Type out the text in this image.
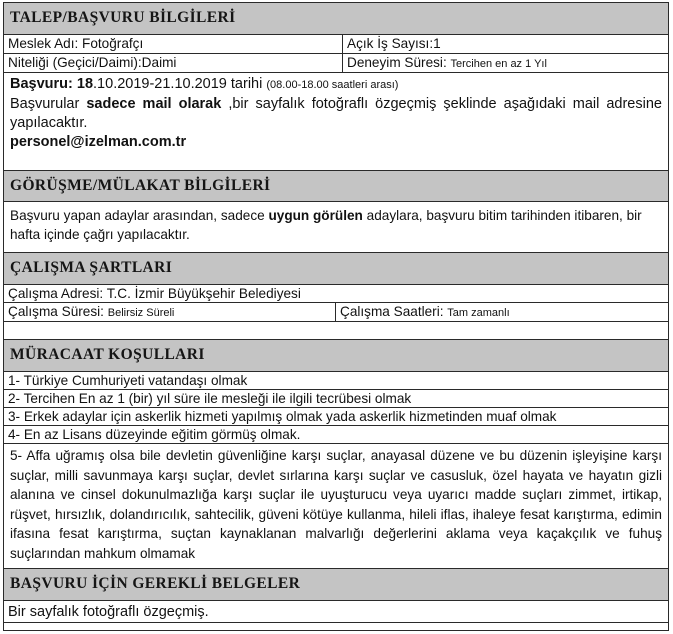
TALEP/BAŞVURU BİLGİLERİ
Meslek Adı: Fotoğrafçı	Açık İş Sayısı:1
Niteliği (Geçici/Daimi):Daimi	Deneyim Süresi: Tercihen en az 1 Yıl
Başvuru: 18.10.2019-21.10.2019 tarihi (08.00-18.00 saatleri arası)
Başvurular sadece mail olarak ,bir sayfalık fotoğraflı özgeçmiş şeklinde aşağıdaki mail adresine yapılacaktır.
personel@izelman.com.tr
GÖRÜŞME/MÜLAKAT BİLGİLERİ
Başvuru yapan adaylar arasından, sadece uygun görülen adaylara, başvuru bitim tarihinden itibaren, bir hafta içinde çağrı yapılacaktır.
ÇALIŞMA ŞARTLARI
Çalışma Adresi: T.C. İzmir Büyükşehir Belediyesi
Çalışma Süresi: Belirsiz Süreli	Çalışma Saatleri: Tam zamanlı
MÜRACAAT KOŞULLARI
1- Türkiye Cumhuriyeti vatandaşı olmak
2- Tercihen En az 1 (bir) yıl süre ile mesleği ile ilgili tecrübesi olmak
3- Erkek adaylar için askerlik hizmeti yapılmış olmak yada askerlik hizmetinden muaf olmak
4- En az Lisans düzeyinde eğitim görmüş olmak.
5- Affa uğramış olsa bile devletin güvenliğine karşı suçlar, anayasal düzene ve bu düzenin işleyişine karşı suçlar, milli savunmaya karşı suçlar, devlet sırlarına karşı suçlar ve casusluk, özel hayata ve hayatın gizli alanına ve cinsel dokunulmazlığa karşı suçlar ile uyuşturucu veya uyarıcı madde suçları zimmet, irtikap, rüşvet, hırsızlık, dolandırıcılık, sahtecilik, güveni kötüye kullanma, hileli iflas, ihaleye fesat karıştırma, edimin ifasına fesat karıştırma, suçtan kaynaklanan malvarlığı değerlerini aklama veya kaçakçılık ve fuhuş suçlarından mahkum olmamak
BAŞVURU İÇİN GEREKLİ BELGELER
Bir sayfalık fotoğraflı özgeçmiş.
